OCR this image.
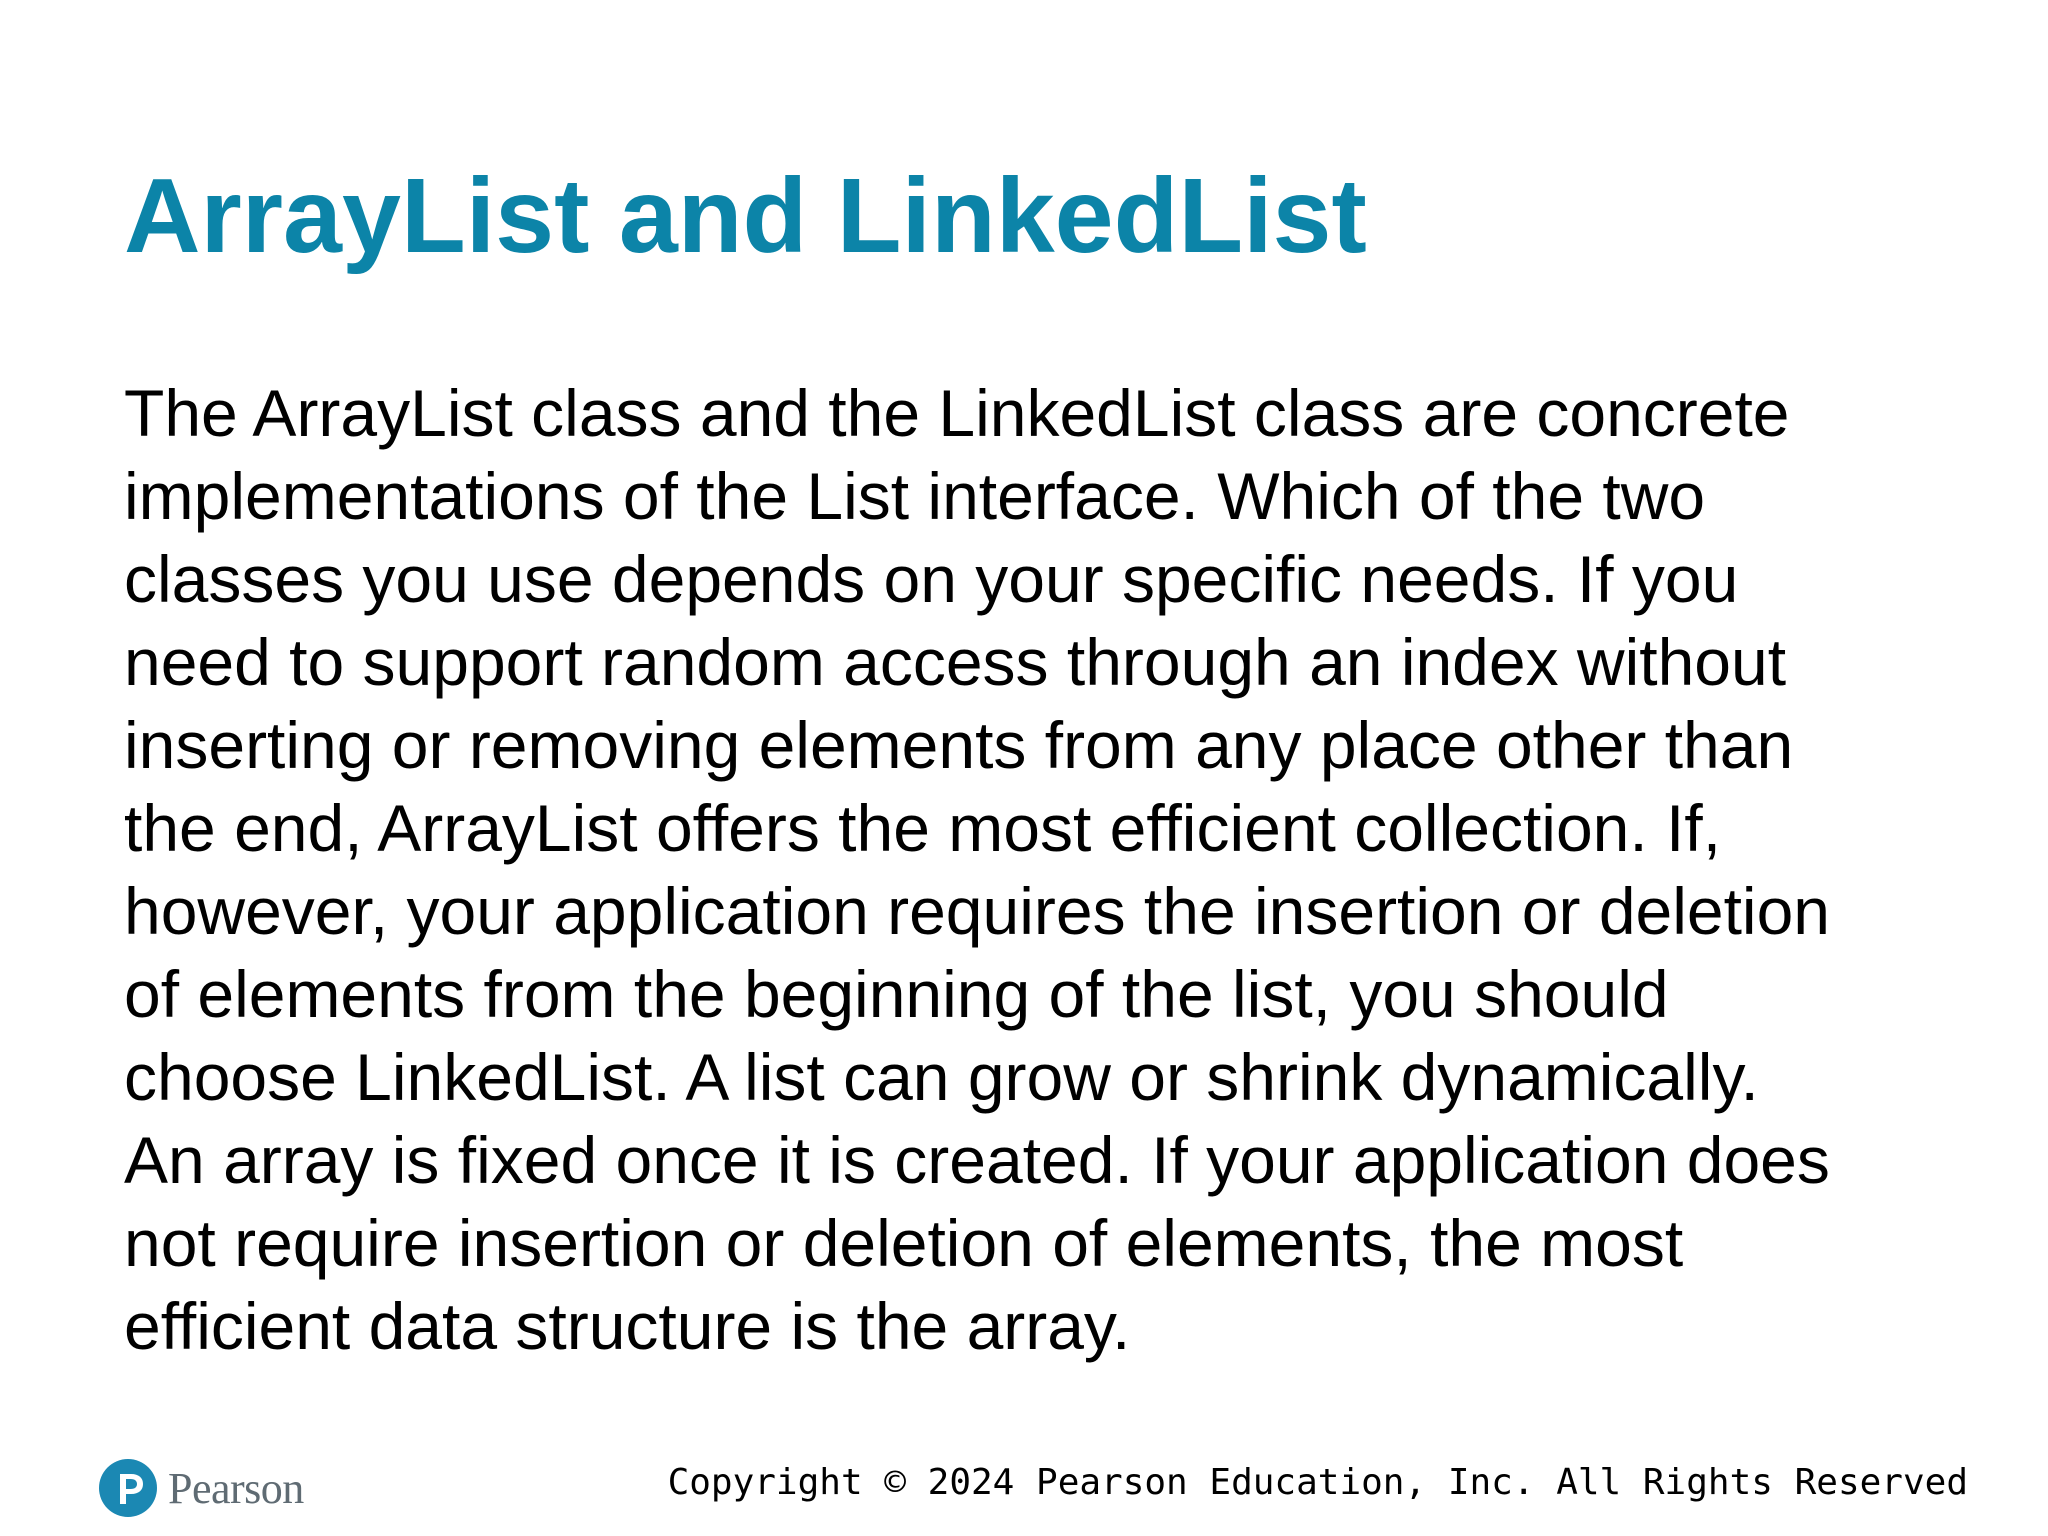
ArrayList and LinkedList

The ArrayList class and the LinkedList class are concrete
implementations of the List interface. Which of the two
classes you use depends on your specific needs. If you
need to support random access through an index without
inserting or removing elements from any place other than
the end, ArrayList offers the most efficient collection. If,
however, your application requires the insertion or deletion
of elements from the beginning of the list, you should
choose LinkedList. A list can grow or shrink dynamically.
An array is fixed once it is created. If your application does
not require insertion or deletion of elements, the most
efficient data structure is the array.

Pearson	Copyright © 2024 Pearson Education, Inc. All Rights Reserved
